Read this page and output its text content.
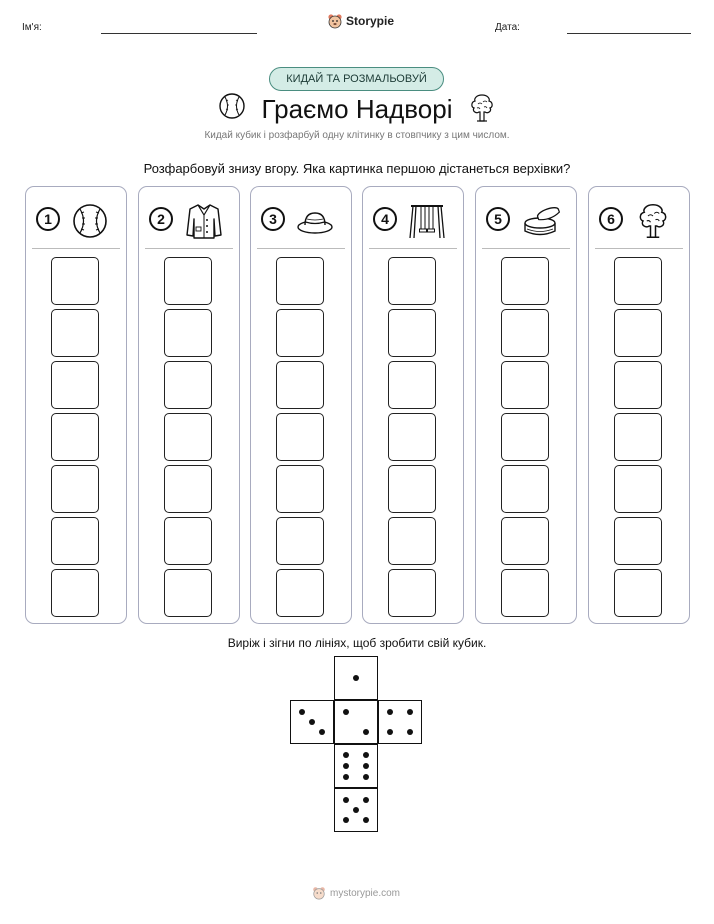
Ім'я:	Storypie	Дата:
КИДАЙ ТА РОЗМАЛЬОВУЙ
Граємо Надворі
Кидай кубик і розфарбуй одну клітинку в стовпчику з цим числом.
Розфарбовуй знизу вгору. Яка картинка першою дістанеться верхівки?
1	2	3	4	5	6
Виріж і зігни по лініях, щоб зробити свій кубик.
mystorypie.com
